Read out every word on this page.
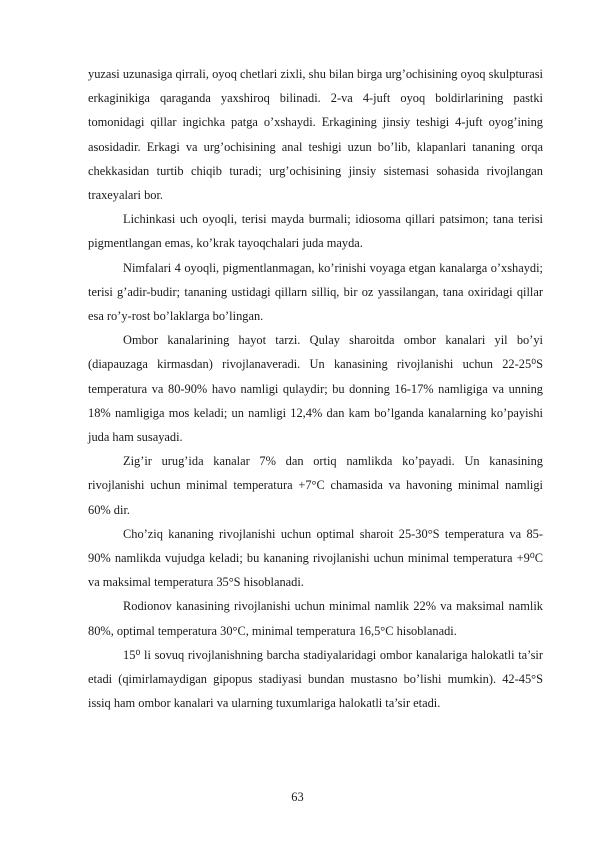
yuzasi uzunasiga qirrali, oyoq chetlari zixli, shu bilan birga urg’ochisining oyoq skulpturasi erkaginikiga qaraganda yaxshiroq bilinadi. 2-va 4-juft oyoq boldirlarining pastki tomonidagi qillar ingichka patga o’xshaydi. Erkagining jinsiy teshigi 4-juft oyog’ining asosidadir. Erkagi va urg’ochisining anal teshigi uzun bo’lib, klapanlari tananing orqa chekkasidan turtib chiqib turadi; urg’ochisining jinsiy sistemasi sohasida rivojlangan traxeyalari bor.

Lichinkasi uch oyoqli, terisi mayda burmali; idiosoma qillari patsimon; tana terisi pigmentlangan emas, ko’krak tayoqchalari juda mayda.

Nimfalari 4 oyoqli, pigmentlanmagan, ko’rinishi voyaga etgan kanalarga o’xshaydi; terisi g’adir-budir; tananing ustidagi qillarn silliq, bir oz yassilangan, tana oxiridagi qillar esa ro’y-rost bo’laklarga bo’lingan.

Ombor kanalarining hayot tarzi. Qulay sharoitda ombor kanalari yil bo’yi (diapauzaga kirmasdan) rivojlanaveradi. Un kanasining rivojlanishi uchun 22-25⁰S temperatura va 80-90% havo namligi qulaydir; bu donning 16-17% namligiga va unning 18% namligiga mos keladi; un namligi 12,4% dan kam bo’lganda kanalarning ko’payishi juda ham susayadi.

Zig’ir urug’ida kanalar 7% dan ortiq namlikda ko’payadi. Un kanasining rivojlanishi uchun minimal temperatura +7°C chamasida va havoning minimal namligi 60% dir.

Cho’ziq kananing rivojlanishi uchun optimal sharoit 25-30°S temperatura va 85-90% namlikda vujudga keladi; bu kananing rivojlanishi uchun minimal temperatura +9⁰C va maksimal temperatura 35°S hisoblanadi.

Rodionov kanasining rivojlanishi uchun minimal namlik 22% va maksimal namlik 80%, optimal temperatura 30°C, minimal temperatura 16,5°C hisoblanadi.

15⁰ li sovuq rivojlanishning barcha stadiyalaridagi ombor kanalariga halokatli ta’sir etadi (qimirlamaydigan gipopus stadiyasi bundan mustasno bo’lishi mumkin). 42-45°S issiq ham ombor kanalari va ularning tuxumlariga halokatli ta’sir etadi.

63
